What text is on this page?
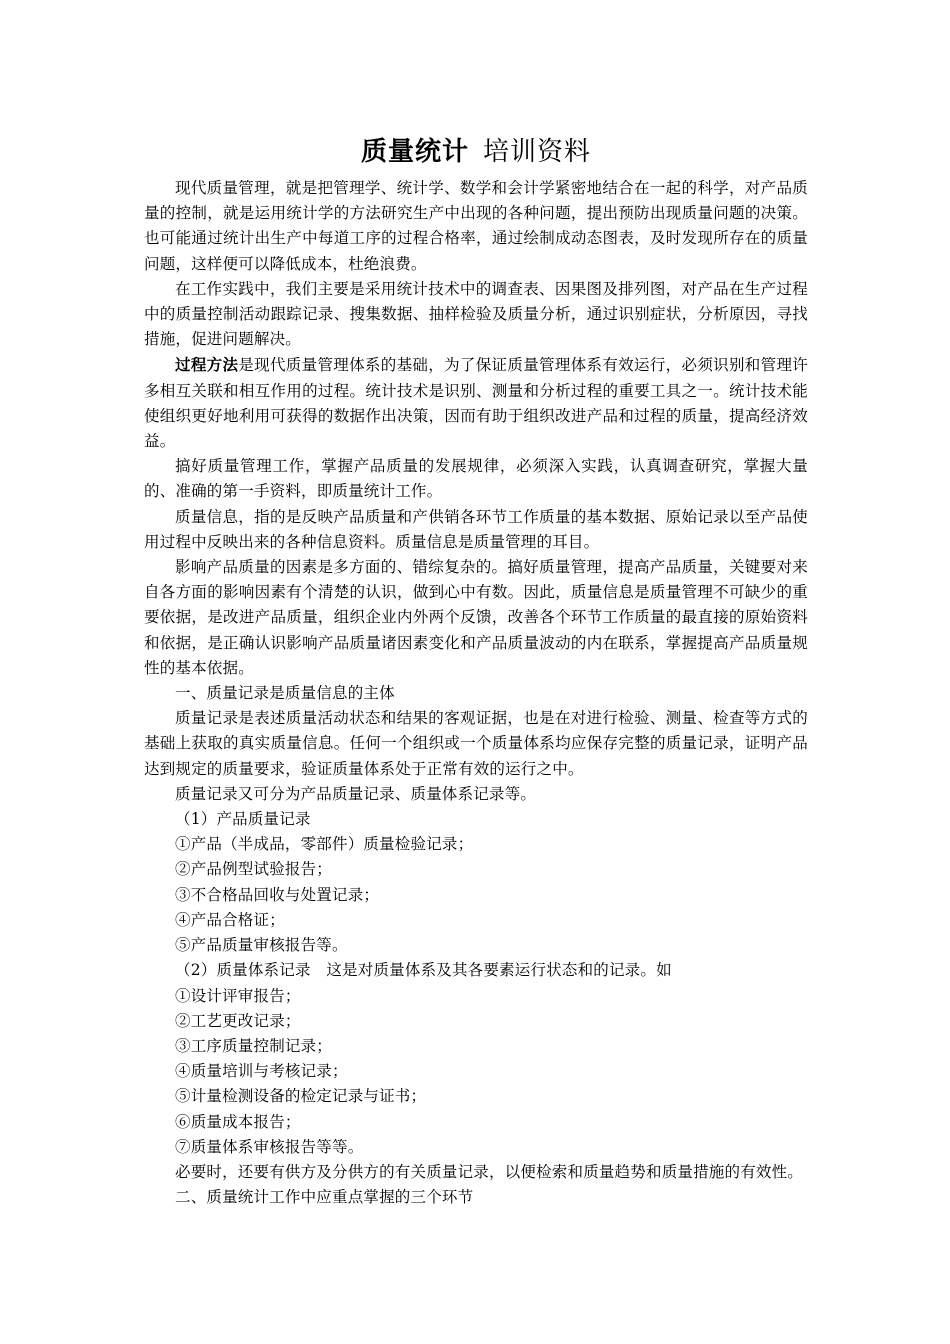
质量统计 培训资料

现代质量管理，就是把管理学、统计学、数学和会计学紧密地结合在一起的科学，对产品质量的控制，就是运用统计学的方法研究生产中出现的各种问题，提出预防出现质量问题的决策。也可能通过统计出生产中每道工序的过程合格率，通过绘制成动态图表，及时发现所存在的质量问题，这样便可以降低成本，杜绝浪费。

在工作实践中，我们主要是采用统计技术中的调查表、因果图及排列图，对产品在生产过程中的质量控制活动跟踪记录、搜集数据、抽样检验及质量分析，通过识别症状，分析原因，寻找措施，促进问题解决。

过程方法是现代质量管理体系的基础，为了保证质量管理体系有效运行，必须识别和管理许多相互关联和相互作用的过程。统计技术是识别、测量和分析过程的重要工具之一。统计技术能使组织更好地利用可获得的数据作出决策，因而有助于组织改进产品和过程的质量，提高经济效益。

搞好质量管理工作，掌握产品质量的发展规律，必须深入实践，认真调查研究，掌握大量的、准确的第一手资料，即质量统计工作。

质量信息，指的是反映产品质量和产供销各环节工作质量的基本数据、原始记录以至产品使用过程中反映出来的各种信息资料。质量信息是质量管理的耳目。

影响产品质量的因素是多方面的、错综复杂的。搞好质量管理，提高产品质量，关键要对来自各方面的影响因素有个清楚的认识，做到心中有数。因此，质量信息是质量管理不可缺少的重要依据，是改进产品质量，组织企业内外两个反馈，改善各个环节工作质量的最直接的原始资料和依据，是正确认识影响产品质量诸因素变化和产品质量波动的内在联系，掌握提高产品质量规性的基本依据。

一、质量记录是质量信息的主体

质量记录是表述质量活动状态和结果的客观证据，也是在对进行检验、测量、检查等方式的基础上获取的真实质量信息。任何一个组织或一个质量体系均应保存完整的质量记录，证明产品达到规定的质量要求，验证质量体系处于正常有效的运行之中。

质量记录又可分为产品质量记录、质量体系记录等。

（1）产品质量记录

①产品（半成品，零部件）质量检验记录；

②产品例型试验报告；

③不合格品回收与处置记录；

④产品合格证；

⑤产品质量审核报告等。

（2）质量体系记录　这是对质量体系及其各要素运行状态和的记录。如

①设计评审报告；

②工艺更改记录；

③工序质量控制记录；

④质量培训与考核记录；

⑤计量检测设备的检定记录与证书；

⑥质量成本报告；

⑦质量体系审核报告等等。

必要时，还要有供方及分供方的有关质量记录，以便检索和质量趋势和质量措施的有效性。

二、质量统计工作中应重点掌握的三个环节
